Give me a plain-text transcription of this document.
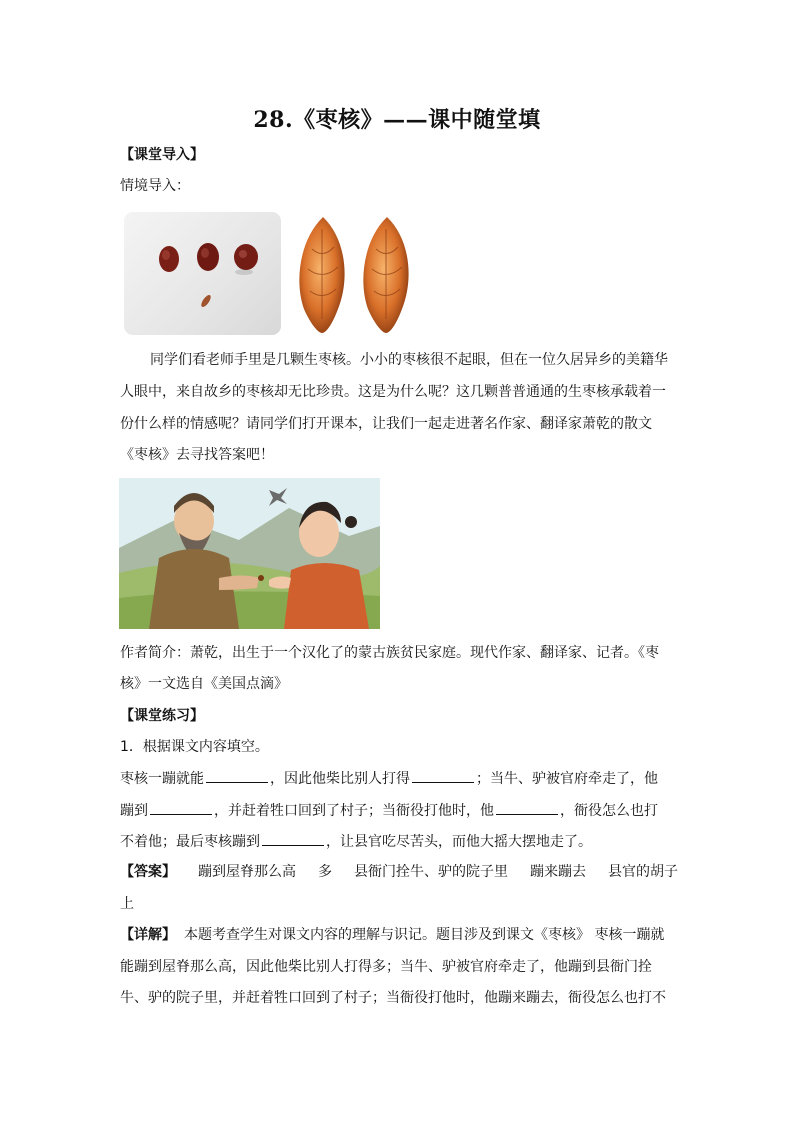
28.《枣核》——课中随堂填
【课堂导入】
情境导入：
同学们看老师手里是几颗生枣核。小小的枣核很不起眼，但在一位久居异乡的美籍华
人眼中，来自故乡的枣核却无比珍贵。这是为什么呢？这几颗普普通通的生枣核承载着一
份什么样的情感呢？请同学们打开课本，让我们一起走进著名作家、翻译家萧乾的散文
《枣核》去寻找答案吧！
作者简介：萧乾，出生于一个汉化了的蒙古族贫民家庭。现代作家、翻译家、记者。《枣
核》一文选自《美国点滴》
【课堂练习】
1．根据课文内容填空。
枣核一蹦就能	，因此他柴比别人打得	；当牛、驴被官府牵走了，他
蹦到	，并赶着牲口回到了村子；当衙役打他时，他	，衙役怎么也打
不着他；最后枣核蹦到	，让县官吃尽苦头，而他大摇大摆地走了。
【答案】 蹦到屋脊那么高 多 县衙门拴牛、驴的院子里 蹦来蹦去 县官的胡子
上
【详解】 本题考查学生对课文内容的理解与识记。题目涉及到课文《枣核》 枣核一蹦就
能蹦到屋脊那么高，因此他柴比别人打得多；当牛、驴被官府牵走了，他蹦到县衙门拴
牛、驴的院子里，并赶着牲口回到了村子；当衙役打他时，他蹦来蹦去，衙役怎么也打不
